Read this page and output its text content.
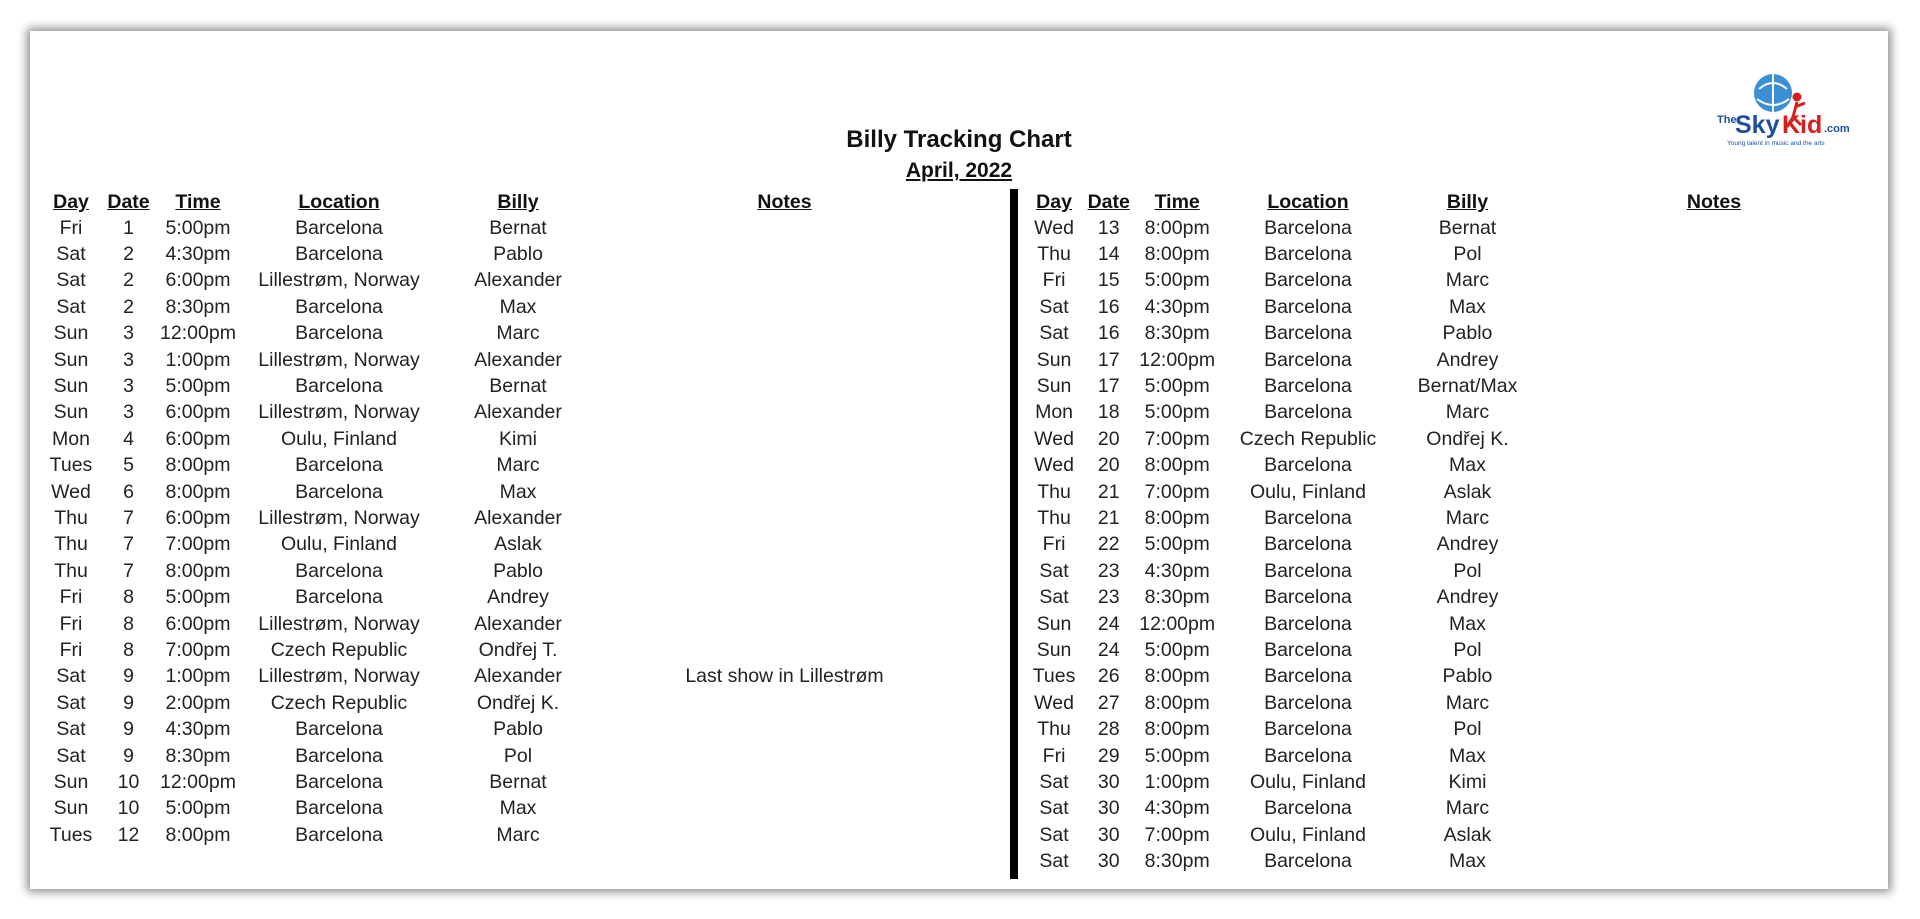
Billy Tracking Chart
April, 2022
The
Sky Kid .com
Young talent in music and the arts
Day	Date	Time	Location	Billy	Notes
Fri	1	5:00pm	Barcelona	Bernat	
Sat	2	4:30pm	Barcelona	Pablo	
Sat	2	6:00pm	Lillestrøm, Norway	Alexander	
Sat	2	8:30pm	Barcelona	Max	
Sun	3	12:00pm	Barcelona	Marc	
Sun	3	1:00pm	Lillestrøm, Norway	Alexander	
Sun	3	5:00pm	Barcelona	Bernat	
Sun	3	6:00pm	Lillestrøm, Norway	Alexander	
Mon	4	6:00pm	Oulu, Finland	Kimi	
Tues	5	8:00pm	Barcelona	Marc	
Wed	6	8:00pm	Barcelona	Max	
Thu	7	6:00pm	Lillestrøm, Norway	Alexander	
Thu	7	7:00pm	Oulu, Finland	Aslak	
Thu	7	8:00pm	Barcelona	Pablo	
Fri	8	5:00pm	Barcelona	Andrey	
Fri	8	6:00pm	Lillestrøm, Norway	Alexander	
Fri	8	7:00pm	Czech Republic	Ondřej T.	
Sat	9	1:00pm	Lillestrøm, Norway	Alexander	Last show in Lillestrøm
Sat	9	2:00pm	Czech Republic	Ondřej K.	
Sat	9	4:30pm	Barcelona	Pablo	
Sat	9	8:30pm	Barcelona	Pol	
Sun	10	12:00pm	Barcelona	Bernat	
Sun	10	5:00pm	Barcelona	Max	
Tues	12	8:00pm	Barcelona	Marc	
Day	Date	Time	Location	Billy	Notes
Wed	13	8:00pm	Barcelona	Bernat	
Thu	14	8:00pm	Barcelona	Pol	
Fri	15	5:00pm	Barcelona	Marc	
Sat	16	4:30pm	Barcelona	Max	
Sat	16	8:30pm	Barcelona	Pablo	
Sun	17	12:00pm	Barcelona	Andrey	
Sun	17	5:00pm	Barcelona	Bernat/Max	
Mon	18	5:00pm	Barcelona	Marc	
Wed	20	7:00pm	Czech Republic	Ondřej K.	
Wed	20	8:00pm	Barcelona	Max	
Thu	21	7:00pm	Oulu, Finland	Aslak	
Thu	21	8:00pm	Barcelona	Marc	
Fri	22	5:00pm	Barcelona	Andrey	
Sat	23	4:30pm	Barcelona	Pol	
Sat	23	8:30pm	Barcelona	Andrey	
Sun	24	12:00pm	Barcelona	Max	
Sun	24	5:00pm	Barcelona	Pol	
Tues	26	8:00pm	Barcelona	Pablo	
Wed	27	8:00pm	Barcelona	Marc	
Thu	28	8:00pm	Barcelona	Pol	
Fri	29	5:00pm	Barcelona	Max	
Sat	30	1:00pm	Oulu, Finland	Kimi	
Sat	30	4:30pm	Barcelona	Marc	
Sat	30	7:00pm	Oulu, Finland	Aslak	
Sat	30	8:30pm	Barcelona	Max	
